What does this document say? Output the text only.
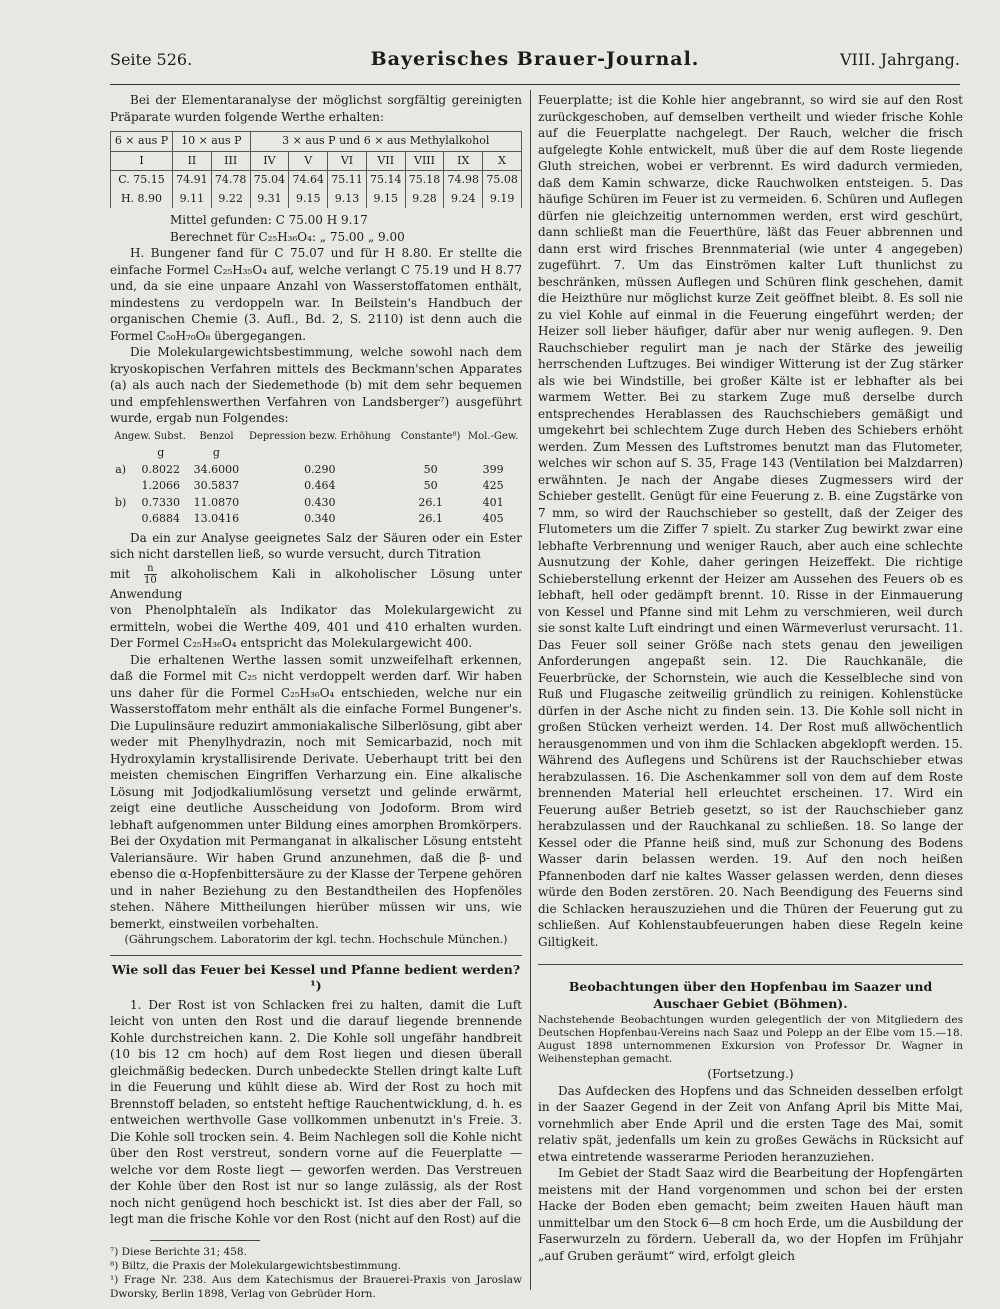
Seite 526.	Bayerisches Brauer-Journal.	VIII. Jahrgang.

Bei der Elementaranalyse der möglichst sorgfältig gereinigten Präparate wurden folgende Werthe erhalten:

6 × aus P	10 × aus P		3 × aus P und 6 × aus Methylalkohol						
I	II	III	IV	V	VI	VII	VIII	IX	X
C. 75.15	74.91	74.78	75.04	74.64	75.11	75.14	75.18	74.98	75.08
H. 8.90	9.11	9.22	9.31	9.15	9.13	9.15	9.28	9.24	9.19

Mittel gefunden: C 75.00 H 9.17

Berechnet für C₂₅H₃₆O₄: „ 75.00 „ 9.00

H. Bungener fand für C 75.07 und für H 8.80. Er stellte die einfache Formel C₂₅H₃₅O₄ auf, welche verlangt C 75.19 und H 8.77 und, da sie eine unpaare Anzahl von Wasserstoffatomen enthält, mindestens zu verdoppeln war. In Beilstein's Handbuch der organischen Chemie (3. Aufl., Bd. 2, S. 2110) ist denn auch die Formel C₅₀H₇₀O₈ übergegangen.

Die Molekulargewichtsbestimmung, welche sowohl nach dem kryoskopischen Verfahren mittels des Beckmann'schen Apparates (a) als auch nach der Siedemethode (b) mit dem sehr bequemen und empfehlenswerthen Verfahren von Landsberger⁷) ausgeführt wurde, ergab nun Folgendes:

Angew. Subst.		Benzol	Depression bezw. Erhöhung	Constante⁸)	Mol.-Gew.
	g	g			
a)	0.8022	34.6000	0.290	50	399
	1.2066	30.5837	0.464	50	425
b)	0.7330	11.0870	0.430	26.1	401
	0.6884	13.0416	0.340	26.1	405

Da ein zur Analyse geeignetes Salz der Säuren oder ein Ester sich nicht darstellen ließ, so wurde versucht, durch Titration

mit $\frac{n}{10}$ alkoholischem Kali in alkoholischer Lösung unter Anwendung

von Phenolphtaleïn als Indikator das Molekulargewicht zu ermitteln, wobei die Werthe 409, 401 und 410 erhalten wurden. Der Formel C₂₅H₃₆O₄ entspricht das Molekulargewicht 400.

Die erhaltenen Werthe lassen somit unzweifelhaft erkennen, daß die Formel mit C₂₅ nicht verdoppelt werden darf. Wir haben uns daher für die Formel C₂₅H₃₆O₄ entschieden, welche nur ein Wasserstoffatom mehr enthält als die einfache Formel Bungener's. Die Lupulinsäure reduzirt ammoniakalische Silberlösung, gibt aber weder mit Phenylhydrazin, noch mit Semicarbazid, noch mit Hydroxylamin krystallisirende Derivate. Ueberhaupt tritt bei den meisten chemischen Eingriffen Verharzung ein. Eine alkalische Lösung mit Jodjodkaliumlösung versetzt und gelinde erwärmt, zeigt eine deutliche Ausscheidung von Jodoform. Brom wird lebhaft aufgenommen unter Bildung eines amorphen Bromkörpers. Bei der Oxydation mit Permanganat in alkalischer Lösung entsteht Valeriansäure. Wir haben Grund anzunehmen, daß die β- und ebenso die α-Hopfenbittersäure zu der Klasse der Terpene gehören und in naher Beziehung zu den Bestandtheilen des Hopfenöles stehen. Nähere Mittheilungen hierüber müssen wir uns, wie bemerkt, einstweilen vorbehalten.

(Gährungschem. Laboratorim der kgl. techn. Hochschule München.)

Wie soll das Feuer bei Kessel und Pfanne bedient werden?¹)

1. Der Rost ist von Schlacken frei zu halten, damit die Luft leicht von unten den Rost und die darauf liegende brennende Kohle durchstreichen kann. 2. Die Kohle soll ungefähr handbreit (10 bis 12 cm hoch) auf dem Rost liegen und diesen überall gleichmäßig bedecken. Durch unbedeckte Stellen dringt kalte Luft in die Feuerung und kühlt diese ab. Wird der Rost zu hoch mit Brennstoff beladen, so entsteht heftige Rauchentwicklung, d. h. es entweichen werthvolle Gase vollkommen unbenutzt in's Freie. 3. Die Kohle soll trocken sein. 4. Beim Nachlegen soll die Kohle nicht über den Rost verstreut, sondern vorne auf die Feuerplatte — welche vor dem Roste liegt — geworfen werden. Das Verstreuen der Kohle über den Rost ist nur so lange zulässig, als der Rost noch nicht genügend hoch beschickt ist. Ist dies aber der Fall, so legt man die frische Kohle vor den Rost (nicht auf den Rost) auf die

⁷) Diese Berichte 31; 458.

⁸) Biltz, die Praxis der Molekulargewichtsbestimmung.

¹) Frage Nr. 238. Aus dem Katechismus der Brauerei-Praxis von Jaroslaw Dworsky, Berlin 1898, Verlag von Gebrüder Horn.

Feuerplatte; ist die Kohle hier angebrannt, so wird sie auf den Rost zurückgeschoben, auf demselben vertheilt und wieder frische Kohle auf die Feuerplatte nachgelegt. Der Rauch, welcher die frisch aufgelegte Kohle entwickelt, muß über die auf dem Roste liegende Gluth streichen, wobei er verbrennt. Es wird dadurch vermieden, daß dem Kamin schwarze, dicke Rauchwolken entsteigen. 5. Das häufige Schüren im Feuer ist zu vermeiden. 6. Schüren und Auflegen dürfen nie gleichzeitig unternommen werden, erst wird geschürt, dann schließt man die Feuerthüre, läßt das Feuer abbrennen und dann erst wird frisches Brennmaterial (wie unter 4 angegeben) zugeführt. 7. Um das Einströmen kalter Luft thunlichst zu beschränken, müssen Auflegen und Schüren flink geschehen, damit die Heizthüre nur möglichst kurze Zeit geöffnet bleibt. 8. Es soll nie zu viel Kohle auf einmal in die Feuerung eingeführt werden; der Heizer soll lieber häufiger, dafür aber nur wenig auflegen. 9. Den Rauchschieber regulirt man je nach der Stärke des jeweilig herrschenden Luftzuges. Bei windiger Witterung ist der Zug stärker als wie bei Windstille, bei großer Kälte ist er lebhafter als bei warmem Wetter. Bei zu starkem Zuge muß derselbe durch entsprechendes Herablassen des Rauchschiebers gemäßigt und umgekehrt bei schlechtem Zuge durch Heben des Schiebers erhöht werden. Zum Messen des Luftstromes benutzt man das Flutometer, welches wir schon auf S. 35, Frage 143 (Ventilation bei Malzdarren) erwähnten. Je nach der Angabe dieses Zugmessers wird der Schieber gestellt. Genügt für eine Feuerung z. B. eine Zugstärke von 7 mm, so wird der Rauchschieber so gestellt, daß der Zeiger des Flutometers um die Ziffer 7 spielt. Zu starker Zug bewirkt zwar eine lebhafte Verbrennung und weniger Rauch, aber auch eine schlechte Ausnutzung der Kohle, daher geringen Heizeffekt. Die richtige Schieberstellung erkennt der Heizer am Aussehen des Feuers ob es lebhaft, hell oder gedämpft brennt. 10. Risse in der Einmauerung von Kessel und Pfanne sind mit Lehm zu verschmieren, weil durch sie sonst kalte Luft eindringt und einen Wärmeverlust verursacht. 11. Das Feuer soll seiner Größe nach stets genau den jeweiligen Anforderungen angepaßt sein. 12. Die Rauchkanäle, die Feuerbrücke, der Schornstein, wie auch die Kesselbleche sind von Ruß und Flugasche zeitweilig gründlich zu reinigen. Kohlenstücke dürfen in der Asche nicht zu finden sein. 13. Die Kohle soll nicht in großen Stücken verheizt werden. 14. Der Rost muß allwöchentlich herausgenommen und von ihm die Schlacken abgeklopft werden. 15. Während des Auflegens und Schürens ist der Rauchschieber etwas herabzulassen. 16. Die Aschenkammer soll von dem auf dem Roste brennenden Material hell erleuchtet erscheinen. 17. Wird ein Feuerung außer Betrieb gesetzt, so ist der Rauchschieber ganz herabzulassen und der Rauchkanal zu schließen. 18. So lange der Kessel oder die Pfanne heiß sind, muß zur Schonung des Bodens Wasser darin belassen werden. 19. Auf den noch heißen Pfannenboden darf nie kaltes Wasser gelassen werden, denn dieses würde den Boden zerstören. 20. Nach Beendigung des Feuerns sind die Schlacken herauszuziehen und die Thüren der Feuerung gut zu schließen. Auf Kohlenstaubfeuerungen haben diese Regeln keine Giltigkeit.

Beobachtungen über den Hopfenbau im Saazer und Auschaer Gebiet (Böhmen).

Nachstehende Beobachtungen wurden gelegentlich der von Mitgliedern des Deutschen Hopfenbau-Vereins nach Saaz und Polepp an der Elbe vom 15.—18. August 1898 unternommenen Exkursion von Professor Dr. Wagner in Weihenstephan gemacht.

(Fortsetzung.)

Das Aufdecken des Hopfens und das Schneiden desselben erfolgt in der Saazer Gegend in der Zeit von Anfang April bis Mitte Mai, vornehmlich aber Ende April und die ersten Tage des Mai, somit relativ spät, jedenfalls um kein zu großes Gewächs in Rücksicht auf etwa eintretende wasserarme Perioden heranzuziehen.

Im Gebiet der Stadt Saaz wird die Bearbeitung der Hopfengärten meistens mit der Hand vorgenommen und schon bei der ersten Hacke der Boden eben gemacht; beim zweiten Hauen häuft man unmittelbar um den Stock 6—8 cm hoch Erde, um die Ausbildung der Faserwurzeln zu fördern. Ueberall da, wo der Hopfen im Frühjahr „auf Gruben geräumt“ wird, erfolgt gleich
